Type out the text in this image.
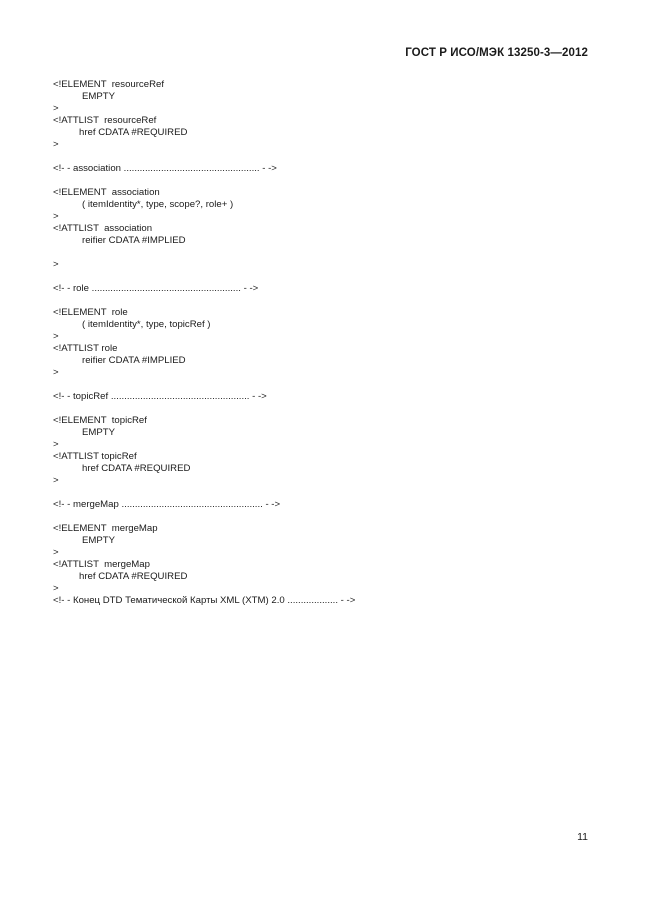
ГОСТ Р ИСО/МЭК 13250-3—2012
<!ELEMENT  resourceRef
EMPTY
>
<!ATTLIST  resourceRef
href CDATA #REQUIRED
>
<!- - association ................................................... - ->
<!ELEMENT  association
( itemIdentity*, type, scope?, role+ )
>
<!ATTLIST  association
reifier CDATA #IMPLIED
>
<!- - role ........................................................ - ->
<!ELEMENT  role
( itemIdentity*, type, topicRef )
>
<!ATTLIST role
reifier CDATA #IMPLIED
>
<!- - topicRef .................................................... - ->
<!ELEMENT  topicRef
EMPTY
>
<!ATTLIST topicRef
href CDATA #REQUIRED
>
<!- - mergeMap ..................................................... - ->
<!ELEMENT  mergeMap
EMPTY
>
<!ATTLIST  mergeMap
href CDATA #REQUIRED
>
<!- - Конец DTD Тематической Карты XML (XTM) 2.0 ................... - ->
11
